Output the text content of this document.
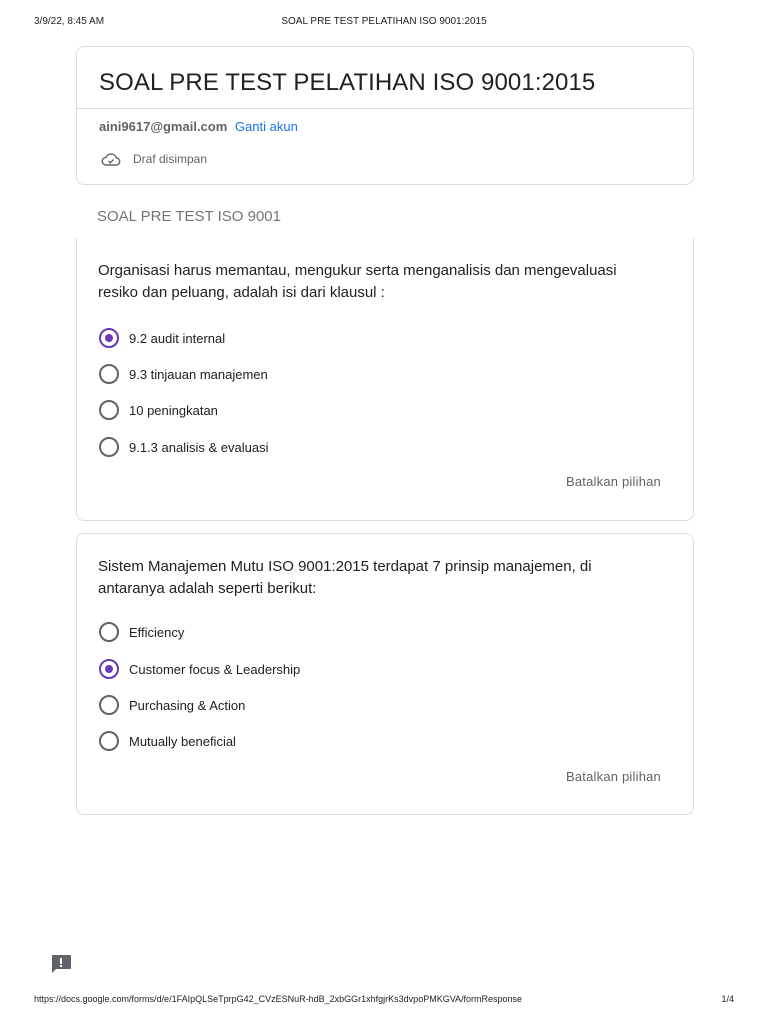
3/9/22, 8:45 AM	SOAL PRE TEST PELATIHAN ISO 9001:2015
SOAL PRE TEST PELATIHAN ISO 9001:2015
aini9617@gmail.com Ganti akun
Draf disimpan
SOAL PRE TEST ISO 9001
Organisasi harus memantau, mengukur serta menganalisis dan mengevaluasi resiko dan peluang, adalah isi dari klausul :
9.2 audit internal
9.3 tinjauan manajemen
10 peningkatan
9.1.3 analisis & evaluasi
Batalkan pilihan
Sistem Manajemen Mutu ISO 9001:2015 terdapat 7 prinsip manajemen, di antaranya adalah seperti berikut:
Efficiency
Customer focus & Leadership
Purchasing & Action
Mutually beneficial
Batalkan pilihan
https://docs.google.com/forms/d/e/1FAIpQLSeTprpG42_CVzESNuR-hdB_2xbGGr1xhfgjrKs3dvpoPMKGVA/formResponse	1/4
